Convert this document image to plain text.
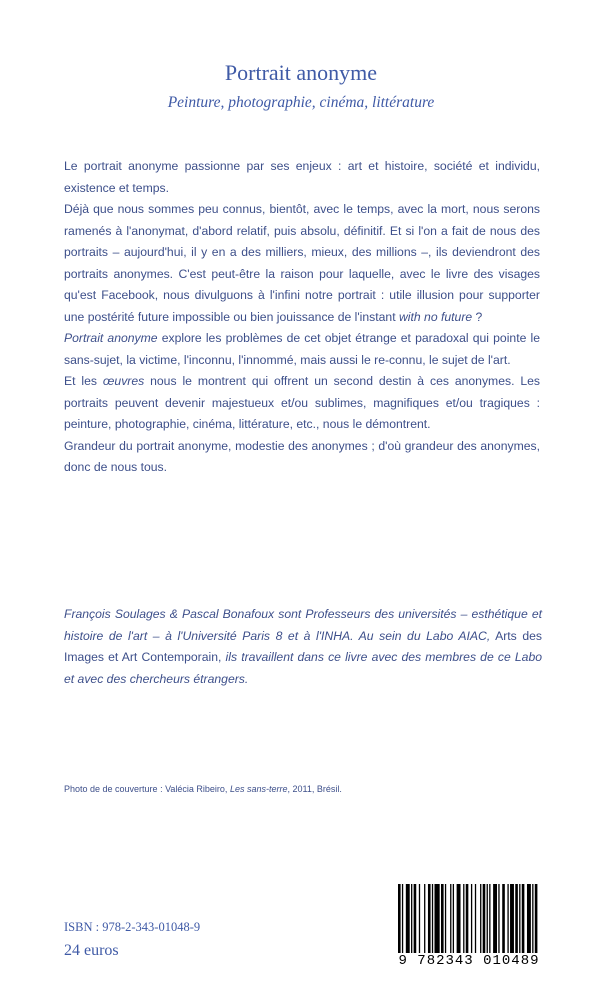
Portrait anonyme
Peinture, photographie, cinéma, littérature

Le portrait anonyme passionne par ses enjeux : art et histoire, société et individu, existence et temps.

Déjà que nous sommes peu connus, bientôt, avec le temps, avec la mort, nous serons ramenés à l'anonymat, d'abord relatif, puis absolu, définitif. Et si l'on a fait de nous des portraits – aujourd'hui, il y en a des milliers, mieux, des millions –, ils deviendront des portraits anonymes. C'est peut-être la raison pour laquelle, avec le livre des visages qu'est Facebook, nous divulguons à l'infini notre portrait : utile illusion pour supporter une postérité future impossible ou bien jouissance de l'instant with no future ?

Portrait anonyme explore les problèmes de cet objet étrange et paradoxal qui pointe le sans-sujet, la victime, l'inconnu, l'innommé, mais aussi le re-connu, le sujet de l'art.

Et les œuvres nous le montrent qui offrent un second destin à ces anonymes. Les portraits peuvent devenir majestueux et/ou sublimes, magnifiques et/ou tragiques : peinture, photographie, cinéma, littérature, etc., nous le démontrent.

Grandeur du portrait anonyme, modestie des anonymes ; d'où grandeur des anonymes, donc de nous tous.

François Soulages & Pascal Bonafoux sont Professeurs des universités – esthétique et histoire de l'art – à l'Université Paris 8 et à l'INHA. Au sein du Labo AIAC, Arts des Images et Art Contemporain, ils travaillent dans ce livre avec des membres de ce Labo et avec des chercheurs étrangers.

Photo de de couverture : Valécia Ribeiro, Les sans-terre, 2011, Brésil.
ISBN : 978-2-343-01048-9
24 euros
9 782343 010489
